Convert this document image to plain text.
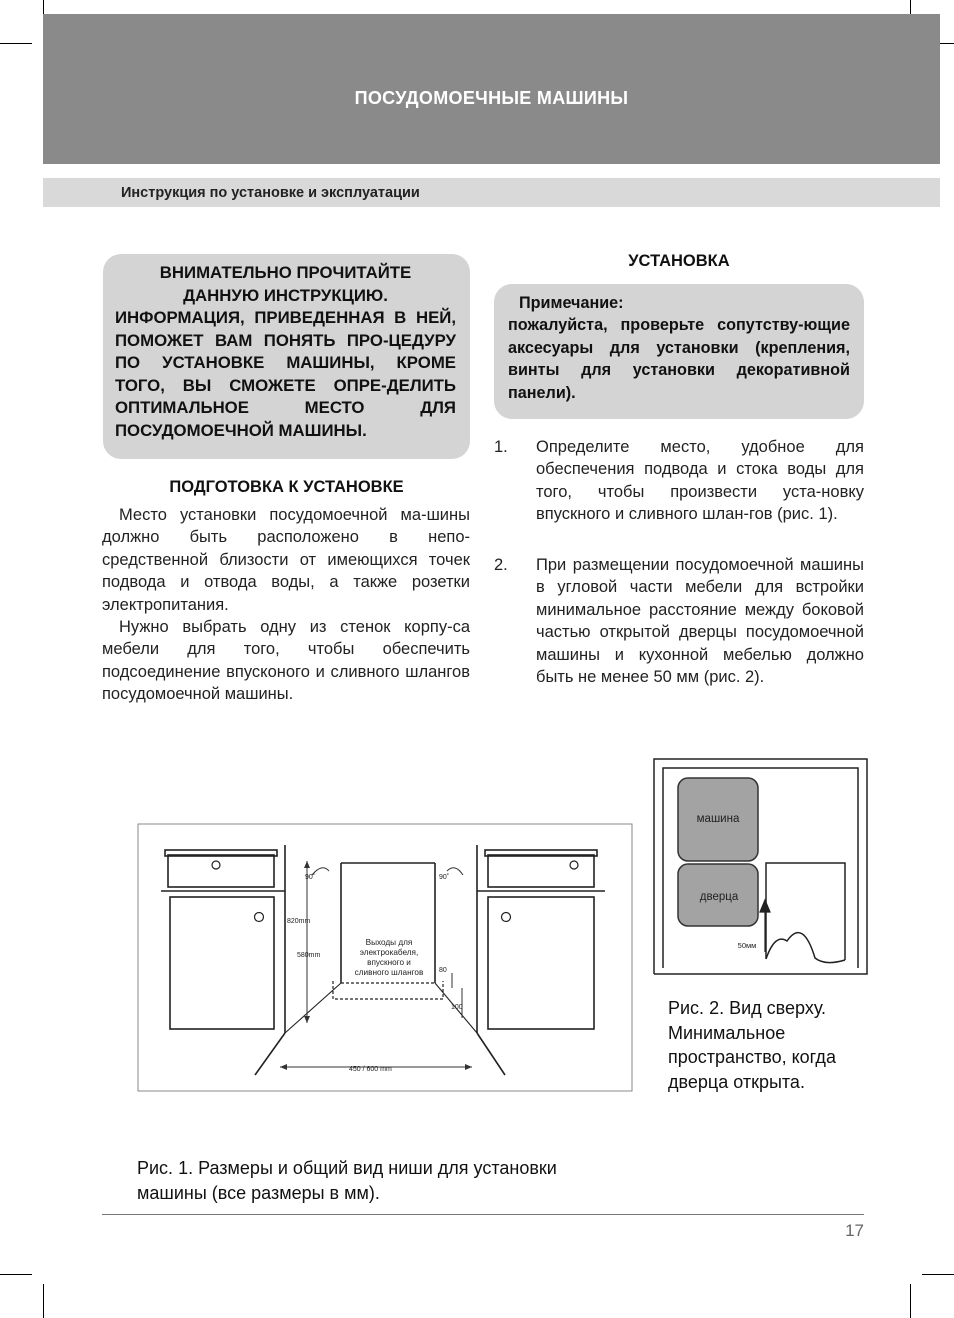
ПОСУДОМОЕЧНЫЕ МАШИНЫ
Инструкция по установке и эксплуатации
ВНИМАТЕЛЬНО ПРОЧИТАЙТЕ
ДАННУЮ ИНСТРУКЦИЮ.
ИНФОРМАЦИЯ, ПРИВЕДЕННАЯ В НЕЙ, ПОМОЖЕТ ВАМ ПОНЯТЬ ПРО-ЦЕДУРУ ПО УСТАНОВКЕ МАШИНЫ, КРОМЕ ТОГО, ВЫ СМОЖЕТЕ ОПРЕ-ДЕЛИТЬ ОПТИМАЛЬНОЕ МЕСТО ДЛЯ ПОСУДОМОЕЧНОЙ МАШИНЫ.
ПОДГОТОВКА К УСТАНОВКЕ

Место установки посудомоечной ма-шины должно быть расположено в непо-средственной близости от имеющихся точек подвода и отвода воды, а также розетки электропитания.

Нужно выбрать одну из стенок корпу-са мебели для того, чтобы обеспечить подсоединение впусконого и сливного шлангов посудомоечной машины.

УСТАНОВКА
Примечание:
пожалуйста, проверьте сопутству-ющие аксесуары для установки (крепления, винты для установки декоративной панели).
1. Определите место, удобное для обеспечения подвода и стока воды для того, чтобы произвести уста-новку впускного и сливного шлан-гов (рис. 1).
2. При размещении посудомоечной машины в угловой части мебели для встройки минимальное расстояние между боковой частью открытой дверцы посудомоечной машины и кухонной мебелью должно быть не менее 50 мм (рис. 2).
90˚	90˚
820mm
580mm
80
100
450 / 600 mm
Выходы для
электрокабеля,
впускного и
сливного шлангов
машина
дверца
50мм
Рис. 2. Вид сверху. Минимальное пространство, когда дверца открыта.
Рис. 1. Размеры и общий вид ниши для установки машины (все размеры в мм).
17
